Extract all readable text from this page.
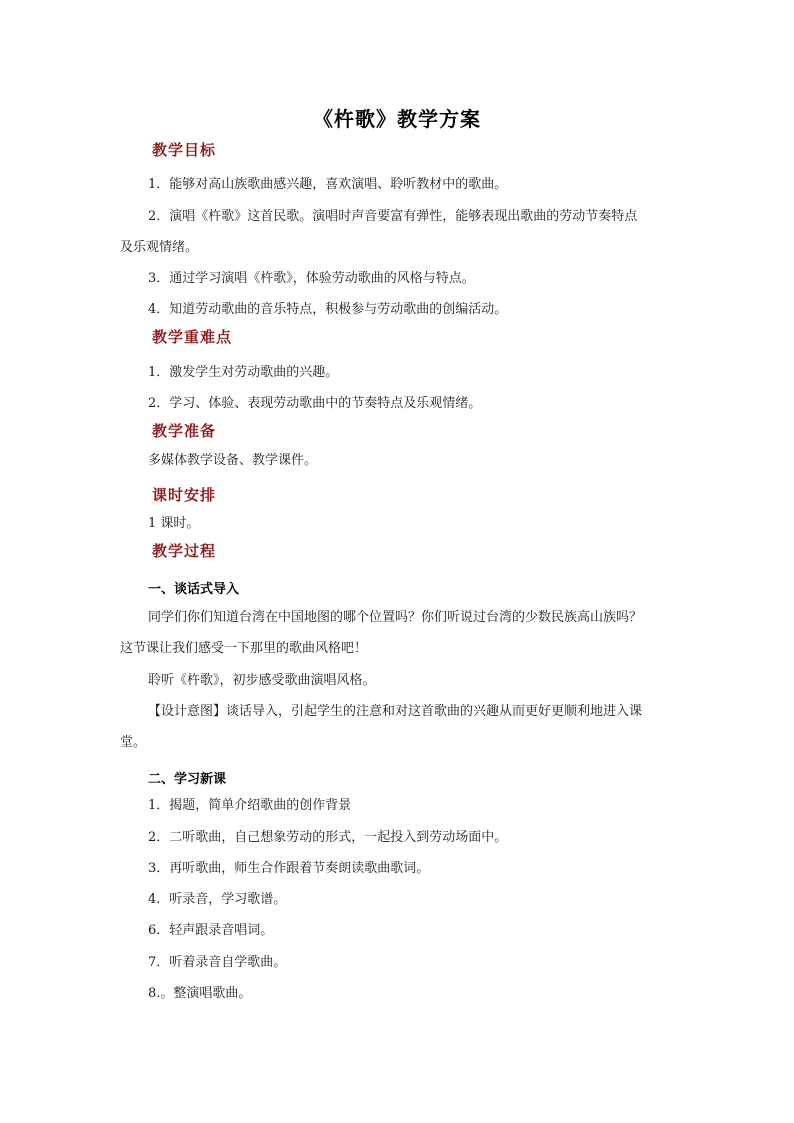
《杵歌》教学方案
教学目标
1．能够对高山族歌曲感兴趣，喜欢演唱、聆听教材中的歌曲。
2．演唱《杵歌》这首民歌。演唱时声音要富有弹性，能够表现出歌曲的劳动节奏特点
及乐观情绪。
3．通过学习演唱《杵歌》，体验劳动歌曲的风格与特点。
4．知道劳动歌曲的音乐特点，积极参与劳动歌曲的创编活动。
教学重难点
1．激发学生对劳动歌曲的兴趣。
2．学习、体验、表现劳动歌曲中的节奏特点及乐观情绪。
教学准备
多媒体教学设备、教学课件。
课时安排
1 课时。
教学过程
一、谈话式导入
同学们你们知道台湾在中国地图的哪个位置吗？你们听说过台湾的少数民族高山族吗？
这节课让我们感受一下那里的歌曲风格吧！
聆听《杵歌》，初步感受歌曲演唱风格。
【设计意图】谈话导入，引起学生的注意和对这首歌曲的兴趣从而更好更顺利地进入课
堂。
二、学习新课
1．揭题，简单介绍歌曲的创作背景
2．二听歌曲，自己想象劳动的形式，一起投入到劳动场面中。
3．再听歌曲，师生合作跟着节奏朗读歌曲歌词。
4．听录音，学习歌谱。
6．轻声跟录音唱词。
7．听着录音自学歌曲。
8.。整演唱歌曲。
